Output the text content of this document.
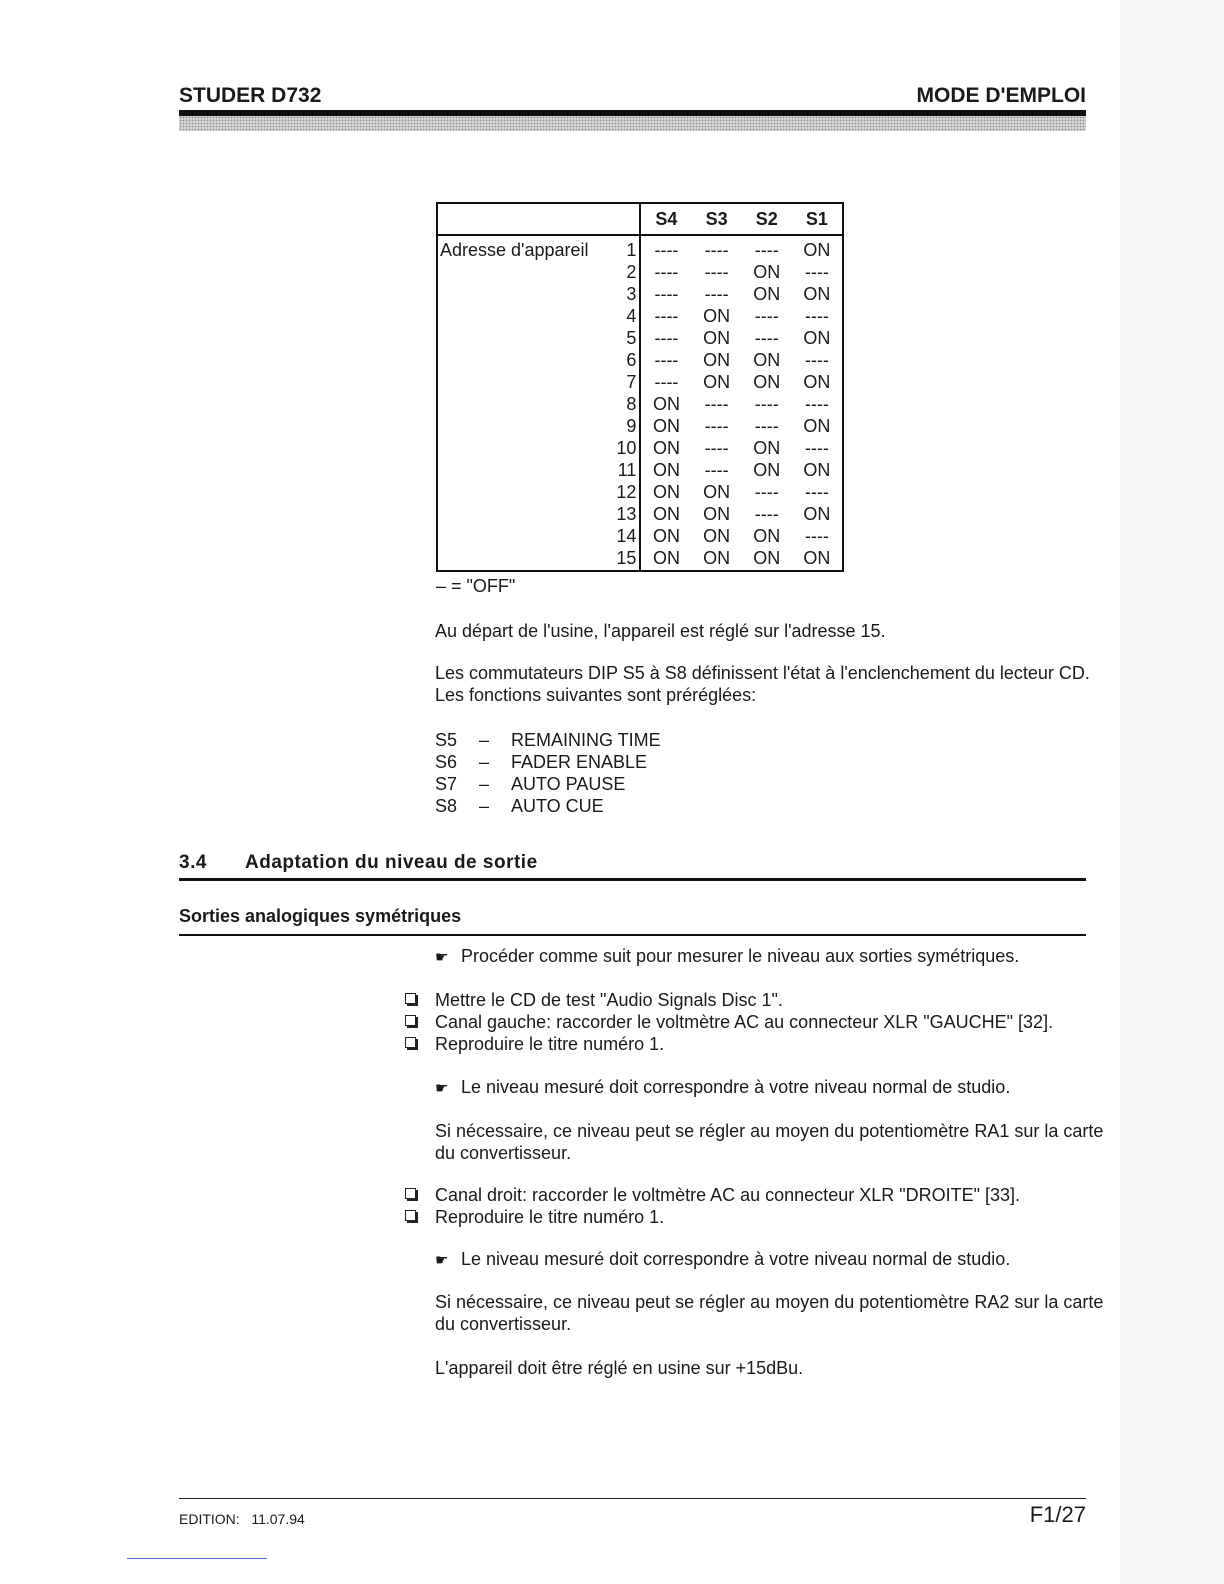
STUDER D732	MODE D'EMPLOI
		S4	S3	S2	S1
Adresse d'appareil	1	----	----	----	ON
	2	----	----	ON	----
	3	----	----	ON	ON
	4	----	ON	----	----
	5	----	ON	----	ON
	6	----	ON	ON	----
	7	----	ON	ON	ON
	8	ON	----	----	----
	9	ON	----	----	ON
	10	ON	----	ON	----
	11	ON	----	ON	ON
	12	ON	ON	----	----
	13	ON	ON	----	ON
	14	ON	ON	ON	----
	15	ON	ON	ON	ON
– = "OFF"
Au départ de l'usine, l'appareil est réglé sur l'adresse 15.
Les commutateurs DIP S5 à S8 définissent l'état à l'enclenchement du lecteur CD.
Les fonctions suivantes sont préréglées:
S5 – REMAINING TIME
S6 – FADER ENABLE
S7 – AUTO PAUSE
S8 – AUTO CUE
3.4 Adaptation du niveau de sortie
Sorties analogiques symétriques
☛ Procéder comme suit pour mesurer le niveau aux sorties symétriques.
Mettre le CD de test "Audio Signals Disc 1".
Canal gauche: raccorder le voltmètre AC au connecteur XLR "GAUCHE" [32].
Reproduire le titre numéro 1.
☛ Le niveau mesuré doit correspondre à votre niveau normal de studio.
Si nécessaire, ce niveau peut se régler au moyen du potentiomètre RA1 sur la carte
du convertisseur.
Canal droit: raccorder le voltmètre AC au connecteur XLR "DROITE" [33].
Reproduire le titre numéro 1.
☛ Le niveau mesuré doit correspondre à votre niveau normal de studio.
Si nécessaire, ce niveau peut se régler au moyen du potentiomètre RA2 sur la carte
du convertisseur.
L'appareil doit être réglé en usine sur +15dBu.
EDITION: 11.07.94	F1/27
